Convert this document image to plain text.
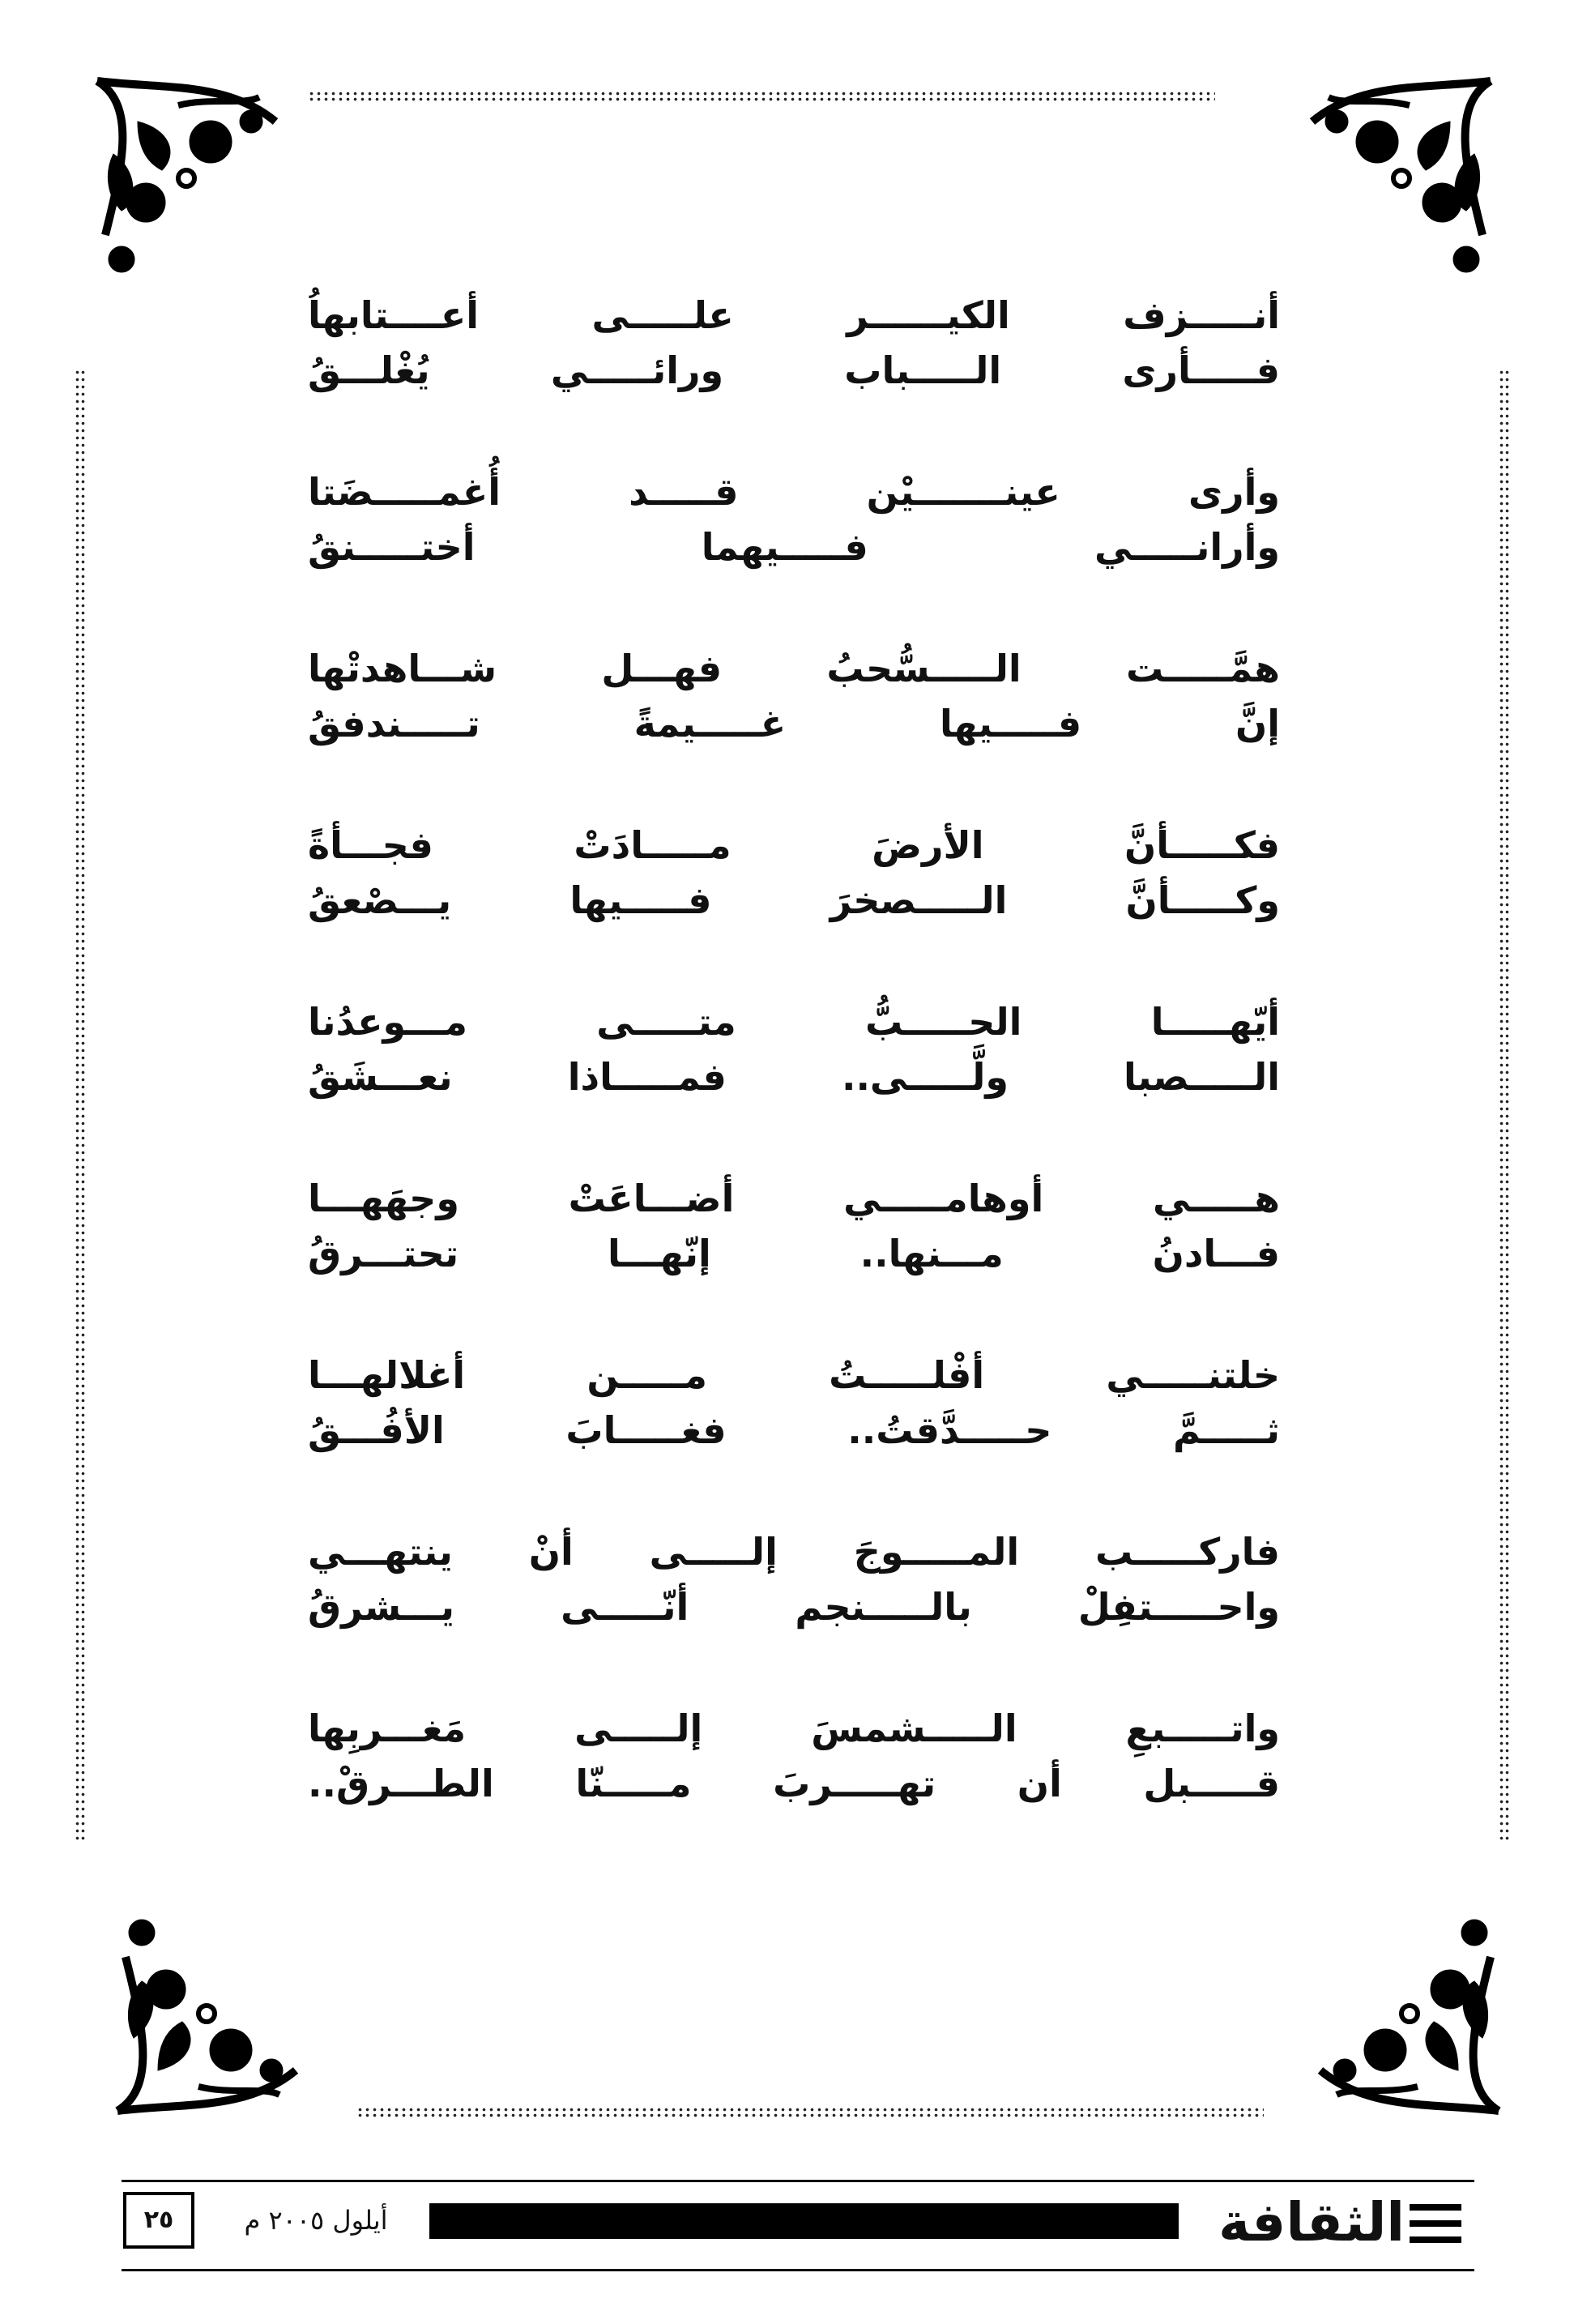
أنـــــزف الكيــــــر علـــــى أعــــتابهاُ
فـــــأرى الـــــباب ورائـــــي يُغْلـــقُ
وأرى عينـــــــيْن قـــــد أُغمـــــضَتا
وأرانـــــي فـــــيهما أختـــــنقُ
همَّـــــت الـــــسُّحبُ فهـــل شـــاهدتْها
إنَّ فـــــيها غـــــيمةً تـــــندفقُ
فكـــــأنَّ الأرضَ مـــــادَتْ فجـــأةً
وكـــــأنَّ الـــــصخرَ فـــــيها يـــصْعقُ
أيّهـــــا الحـــــبُّ متـــــى مـــوعدُنا
الـــــصبا ولَّـــــى.. فمـــــاذا نعـــشَقُ
هـــــي أوهامـــــي أضـــاعَتْ وجهَهـــا
فـــادنُ مـــنها.. إنّهـــا تحتـــرقُ
خلتنـــــي أفْلـــــتُ مـــــن أغلالهـــا
ثـــــمَّ حـــــدَّقتُ.. فغـــــابَ الأفُـــقُ
فاركـــــب المـــــوجَ إلـــــى أنْ ينتهـــي
واحـــــتفِلْ بالـــــنجم أنّـــــى يـــشرقُ
واتـــــبعِ الـــــشمسَ إلـــــى مَغـــربِها
قـــــبل أن تهـــــربَ مـــــنّا الطـــرقْ..
الثقافة
أيلول ٢٠٠٥ م
٢٥
